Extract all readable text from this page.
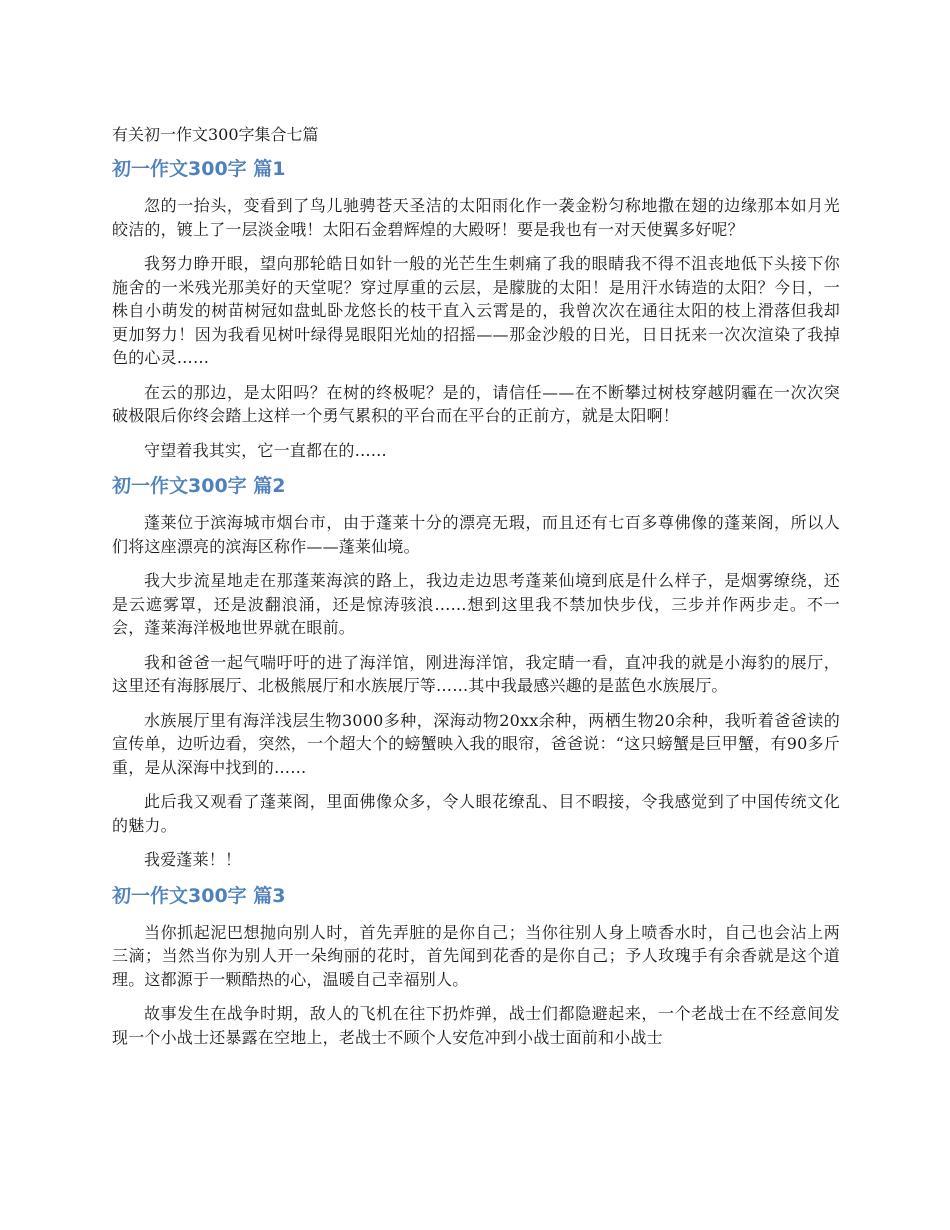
有关初一作文300字集合七篇
初一作文300字 篇1

忽的一抬头，变看到了鸟儿驰骋苍天圣洁的太阳雨化作一袭金粉匀称地撒在翅的边缘那本如月光皎洁的，镀上了一层淡金哦！太阳石金碧辉煌的大殿呀！要是我也有一对天使翼多好呢？

我努力睁开眼，望向那轮皓日如针一般的光芒生生刺痛了我的眼睛我不得不沮丧地低下头接下你施舍的一米残光那美好的天堂呢？穿过厚重的云层，是朦胧的太阳！是用汗水铸造的太阳？今日，一株自小萌发的树苗树冠如盘虬卧龙悠长的枝干直入云霄是的，我曾次次在通往太阳的枝上滑落但我却更加努力！因为我看见树叶绿得晃眼阳光灿的招摇——那金沙般的日光，日日抚来一次次渲染了我掉色的心灵……

在云的那边，是太阳吗？在树的终极呢？是的，请信任——在不断攀过树枝穿越阴霾在一次次突破极限后你终会踏上这样一个勇气累积的平台而在平台的正前方，就是太阳啊！

守望着我其实，它一直都在的……

初一作文300字 篇2

蓬莱位于滨海城市烟台市，由于蓬莱十分的漂亮无瑕，而且还有七百多尊佛像的蓬莱阁，所以人们将这座漂亮的滨海区称作——蓬莱仙境。

我大步流星地走在那蓬莱海滨的路上，我边走边思考蓬莱仙境到底是什么样子，是烟雾缭绕，还是云遮雾罩，还是波翻浪涌，还是惊涛骇浪……想到这里我不禁加快步伐，三步并作两步走。不一会，蓬莱海洋极地世界就在眼前。

我和爸爸一起气喘吁吁的进了海洋馆，刚进海洋馆，我定睛一看，直冲我的就是小海豹的展厅，这里还有海豚展厅、北极熊展厅和水族展厅等……其中我最感兴趣的是蓝色水族展厅。

水族展厅里有海洋浅层生物3000多种，深海动物20xx余种，两栖生物20余种，我听着爸爸读的宣传单，边听边看，突然，一个超大个的螃蟹映入我的眼帘，爸爸说：“这只螃蟹是巨甲蟹，有90多斤重，是从深海中找到的……

此后我又观看了蓬莱阁，里面佛像众多，令人眼花缭乱、目不暇接，令我感觉到了中国传统文化的魅力。

我爱蓬莱！！

初一作文300字 篇3

当你抓起泥巴想抛向别人时，首先弄脏的是你自己；当你往别人身上喷香水时，自己也会沾上两三滴；当然当你为别人开一朵绚丽的花时，首先闻到花香的是你自己；予人玫瑰手有余香就是这个道理。这都源于一颗酷热的心，温暖自己幸福别人。

故事发生在战争时期，敌人的飞机在往下扔炸弹，战士们都隐避起来，一个老战士在不经意间发现一个小战士还暴露在空地上，老战士不顾个人安危冲到小战士面前和小战士
